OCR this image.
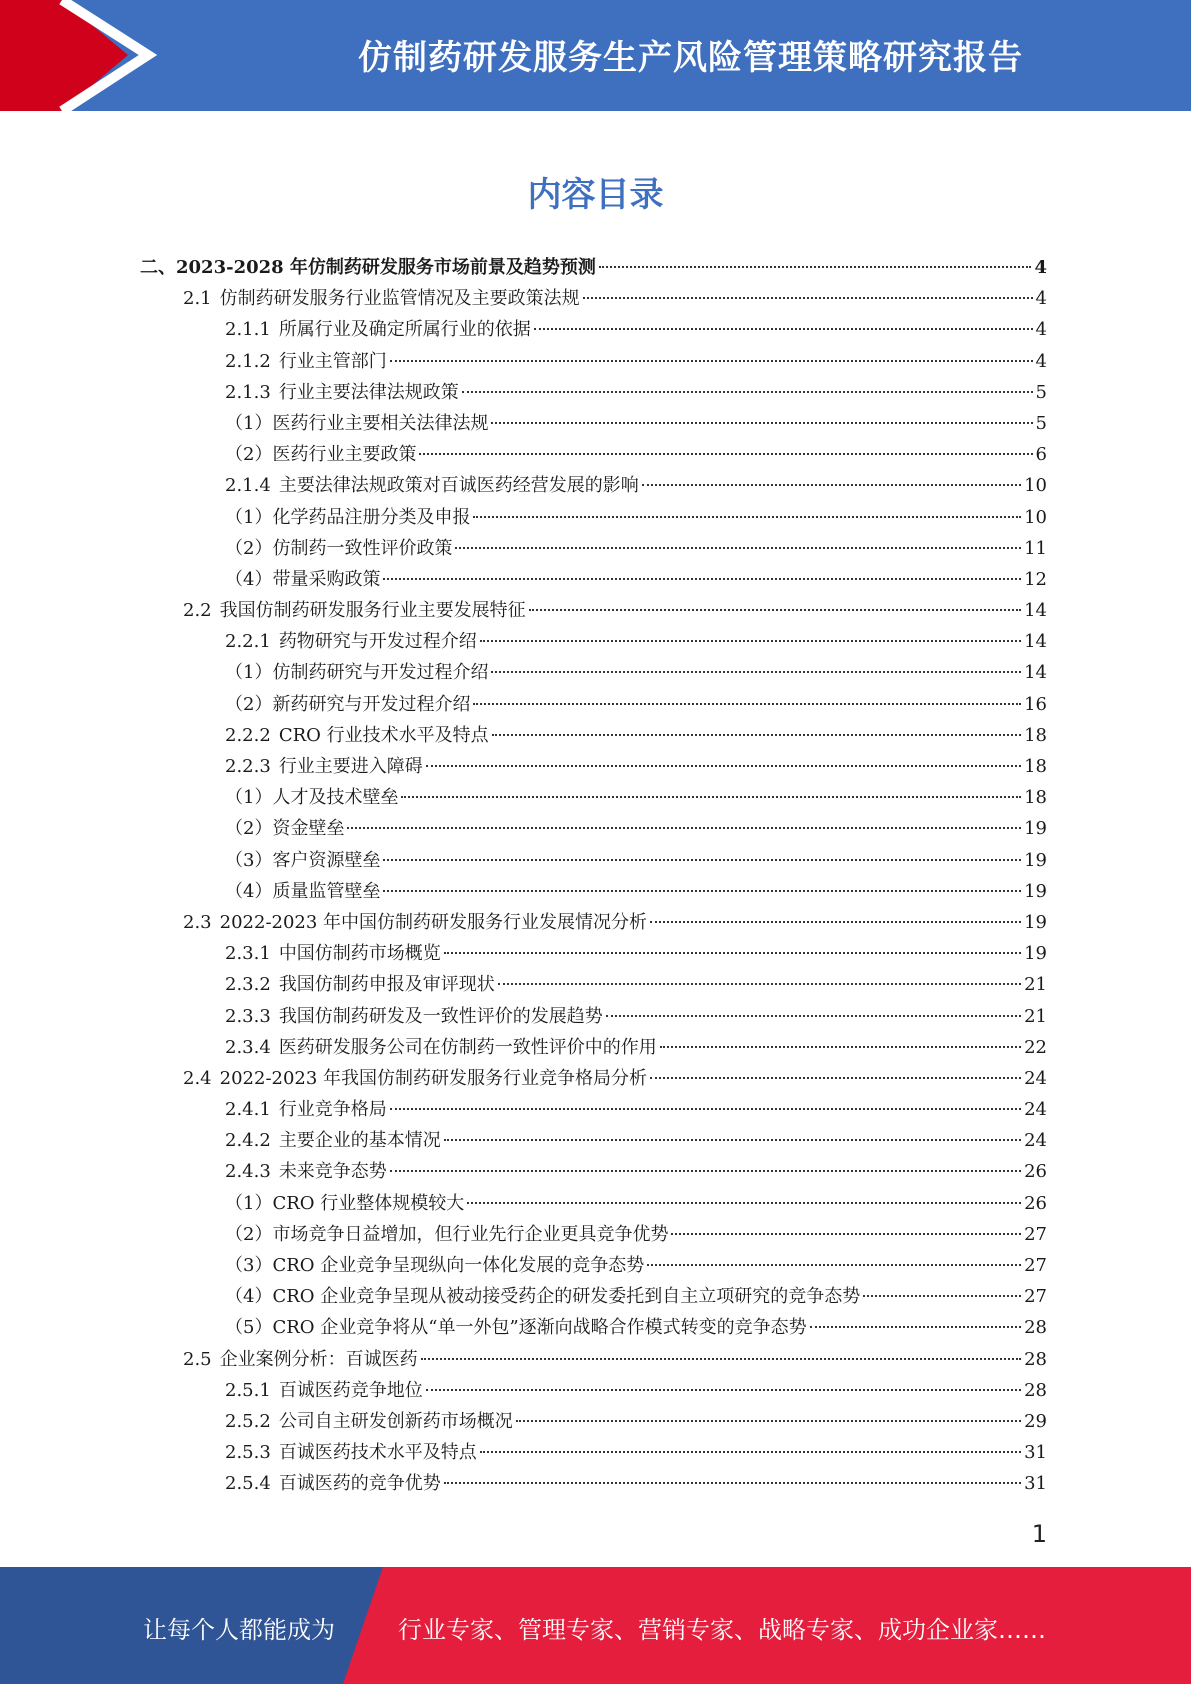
仿制药研发服务生产风险管理策略研究报告
内容目录
二、2023-2028 年仿制药研发服务市场前景及趋势预测	4
2.1 仿制药研发服务行业监管情况及主要政策法规	4
2.1.1 所属行业及确定所属行业的依据	4
2.1.2 行业主管部门	4
2.1.3 行业主要法律法规政策	5
（1） 医药行业主要相关法律法规	5
（2） 医药行业主要政策	6
2.1.4 主要法律法规政策对百诚医药经营发展的影响	10
（1） 化学药品注册分类及申报	10
（2） 仿制药一致性评价政策	11
（4） 带量采购政策	12
2.2 我国仿制药研发服务行业主要发展特征	14
2.2.1 药物研究与开发过程介绍	14
（1） 仿制药研究与开发过程介绍	14
（2） 新药研究与开发过程介绍	16
2.2.2 CRO 行业技术水平及特点	18
2.2.3 行业主要进入障碍	18
（1） 人才及技术壁垒	18
（2） 资金壁垒	19
（3） 客户资源壁垒	19
（4） 质量监管壁垒	19
2.3 2022-2023 年中国仿制药研发服务行业发展情况分析	19
2.3.1 中国仿制药市场概览	19
2.3.2 我国仿制药申报及审评现状	21
2.3.3 我国仿制药研发及一致性评价的发展趋势	21
2.3.4 医药研发服务公司在仿制药一致性评价中的作用	22
2.4 2022-2023 年我国仿制药研发服务行业竞争格局分析	24
2.4.1 行业竞争格局	24
2.4.2 主要企业的基本情况	24
2.4.3 未来竞争态势	26
（1） CRO 行业整体规模较大	26
（2） 市场竞争日益增加，但行业先行企业更具竞争优势	27
（3） CRO 企业竞争呈现纵向一体化发展的竞争态势	27
（4） CRO 企业竞争呈现从被动接受药企的研发委托到自主立项研究的竞争态势	27
（5） CRO 企业竞争将从“单一外包”逐渐向战略合作模式转变的竞争态势	28
2.5 企业案例分析：百诚医药	28
2.5.1 百诚医药竞争地位	28
2.5.2 公司自主研发创新药市场概况	29
2.5.3 百诚医药技术水平及特点	31
2.5.4 百诚医药的竞争优势	31
1
让每个人都能成为	行业专家、管理专家、营销专家、战略专家、成功企业家……
